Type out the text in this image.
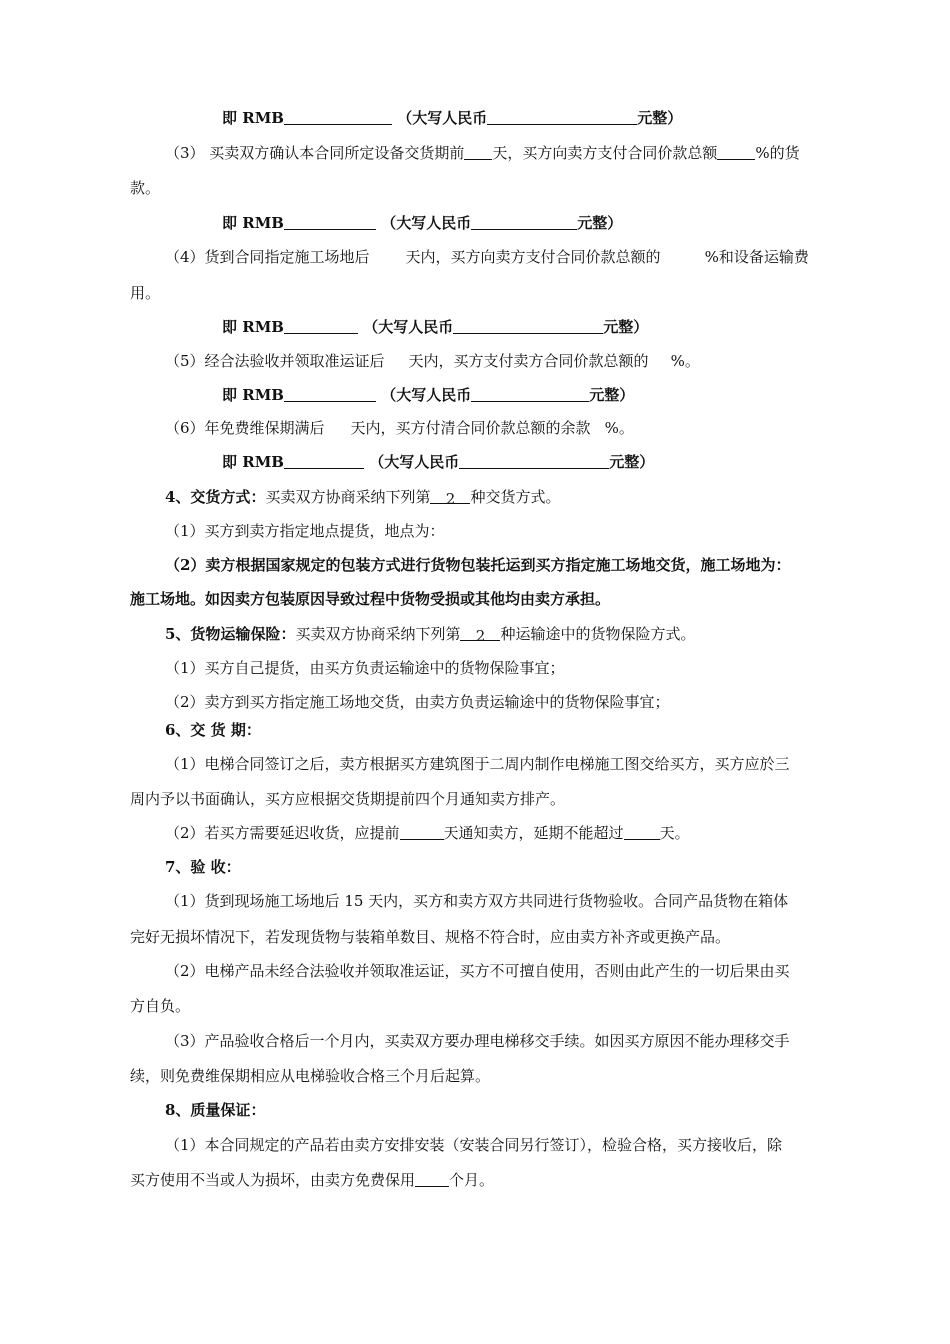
即 RMB	（大写人民币	元整）
（3） 买卖双方确认本合同所定设备交货期前 天，买方向卖方支付合同价款总额	%的货
款。
即 RMB	（大写人民币	元整）
（4）货到合同指定施工场地后 天内，买方向卖方支付合同价款总额的	%和设备运输费
用。
即 RMB	（大写人民币	元整）
（5）经合法验收并领取准运证后 天内，买方支付卖方合同价款总额的 %。
即 RMB	（大写人民币	元整）
（6）年免费维保期满后 天内，买方付清合同价款总额的余款 %。
即 RMB	（大写人民币	元整）
4、交货方式：买卖双方协商采纳下列第 2 种交货方式。
（1）买方到卖方指定地点提货，地点为：
（2）卖方根据国家规定的包装方式进行货物包装托运到买方指定施工场地交货，施工场地为：
施工场地。如因卖方包装原因导致过程中货物受损或其他均由卖方承担。
5、货物运输保险：买卖双方协商采纳下列第 2 种运输途中的货物保险方式。
（1）买方自己提货，由买方负责运输途中的货物保险事宜；
（2）卖方到买方指定施工场地交货，由卖方负责运输途中的货物保险事宜；
6、交 货 期：
（1）电梯合同签订之后，卖方根据买方建筑图于二周内制作电梯施工图交给买方，买方应於三
周内予以书面确认，买方应根据交货期提前四个月通知卖方排产。
（2）若买方需要延迟收货，应提前	天通知卖方，延期不能超过 天。
7、验 收：
（1）货到现场施工场地后 15 天内，买方和卖方双方共同进行货物验收。合同产品货物在箱体
完好无损坏情况下，若发现货物与装箱单数目、规格不符合时，应由卖方补齐或更换产品。
（2）电梯产品未经合法验收并领取准运证，买方不可擅自使用，否则由此产生的一切后果由买
方自负。
（3）产品验收合格后一个月内，买卖双方要办理电梯移交手续。如因买方原因不能办理移交手
续，则免费维保期相应从电梯验收合格三个月后起算。
8、质量保证：
（1）本合同规定的产品若由卖方安排安装（安装合同另行签订），检验合格，买方接收后，除
买方使用不当或人为损坏，由卖方免费保用 个月。
